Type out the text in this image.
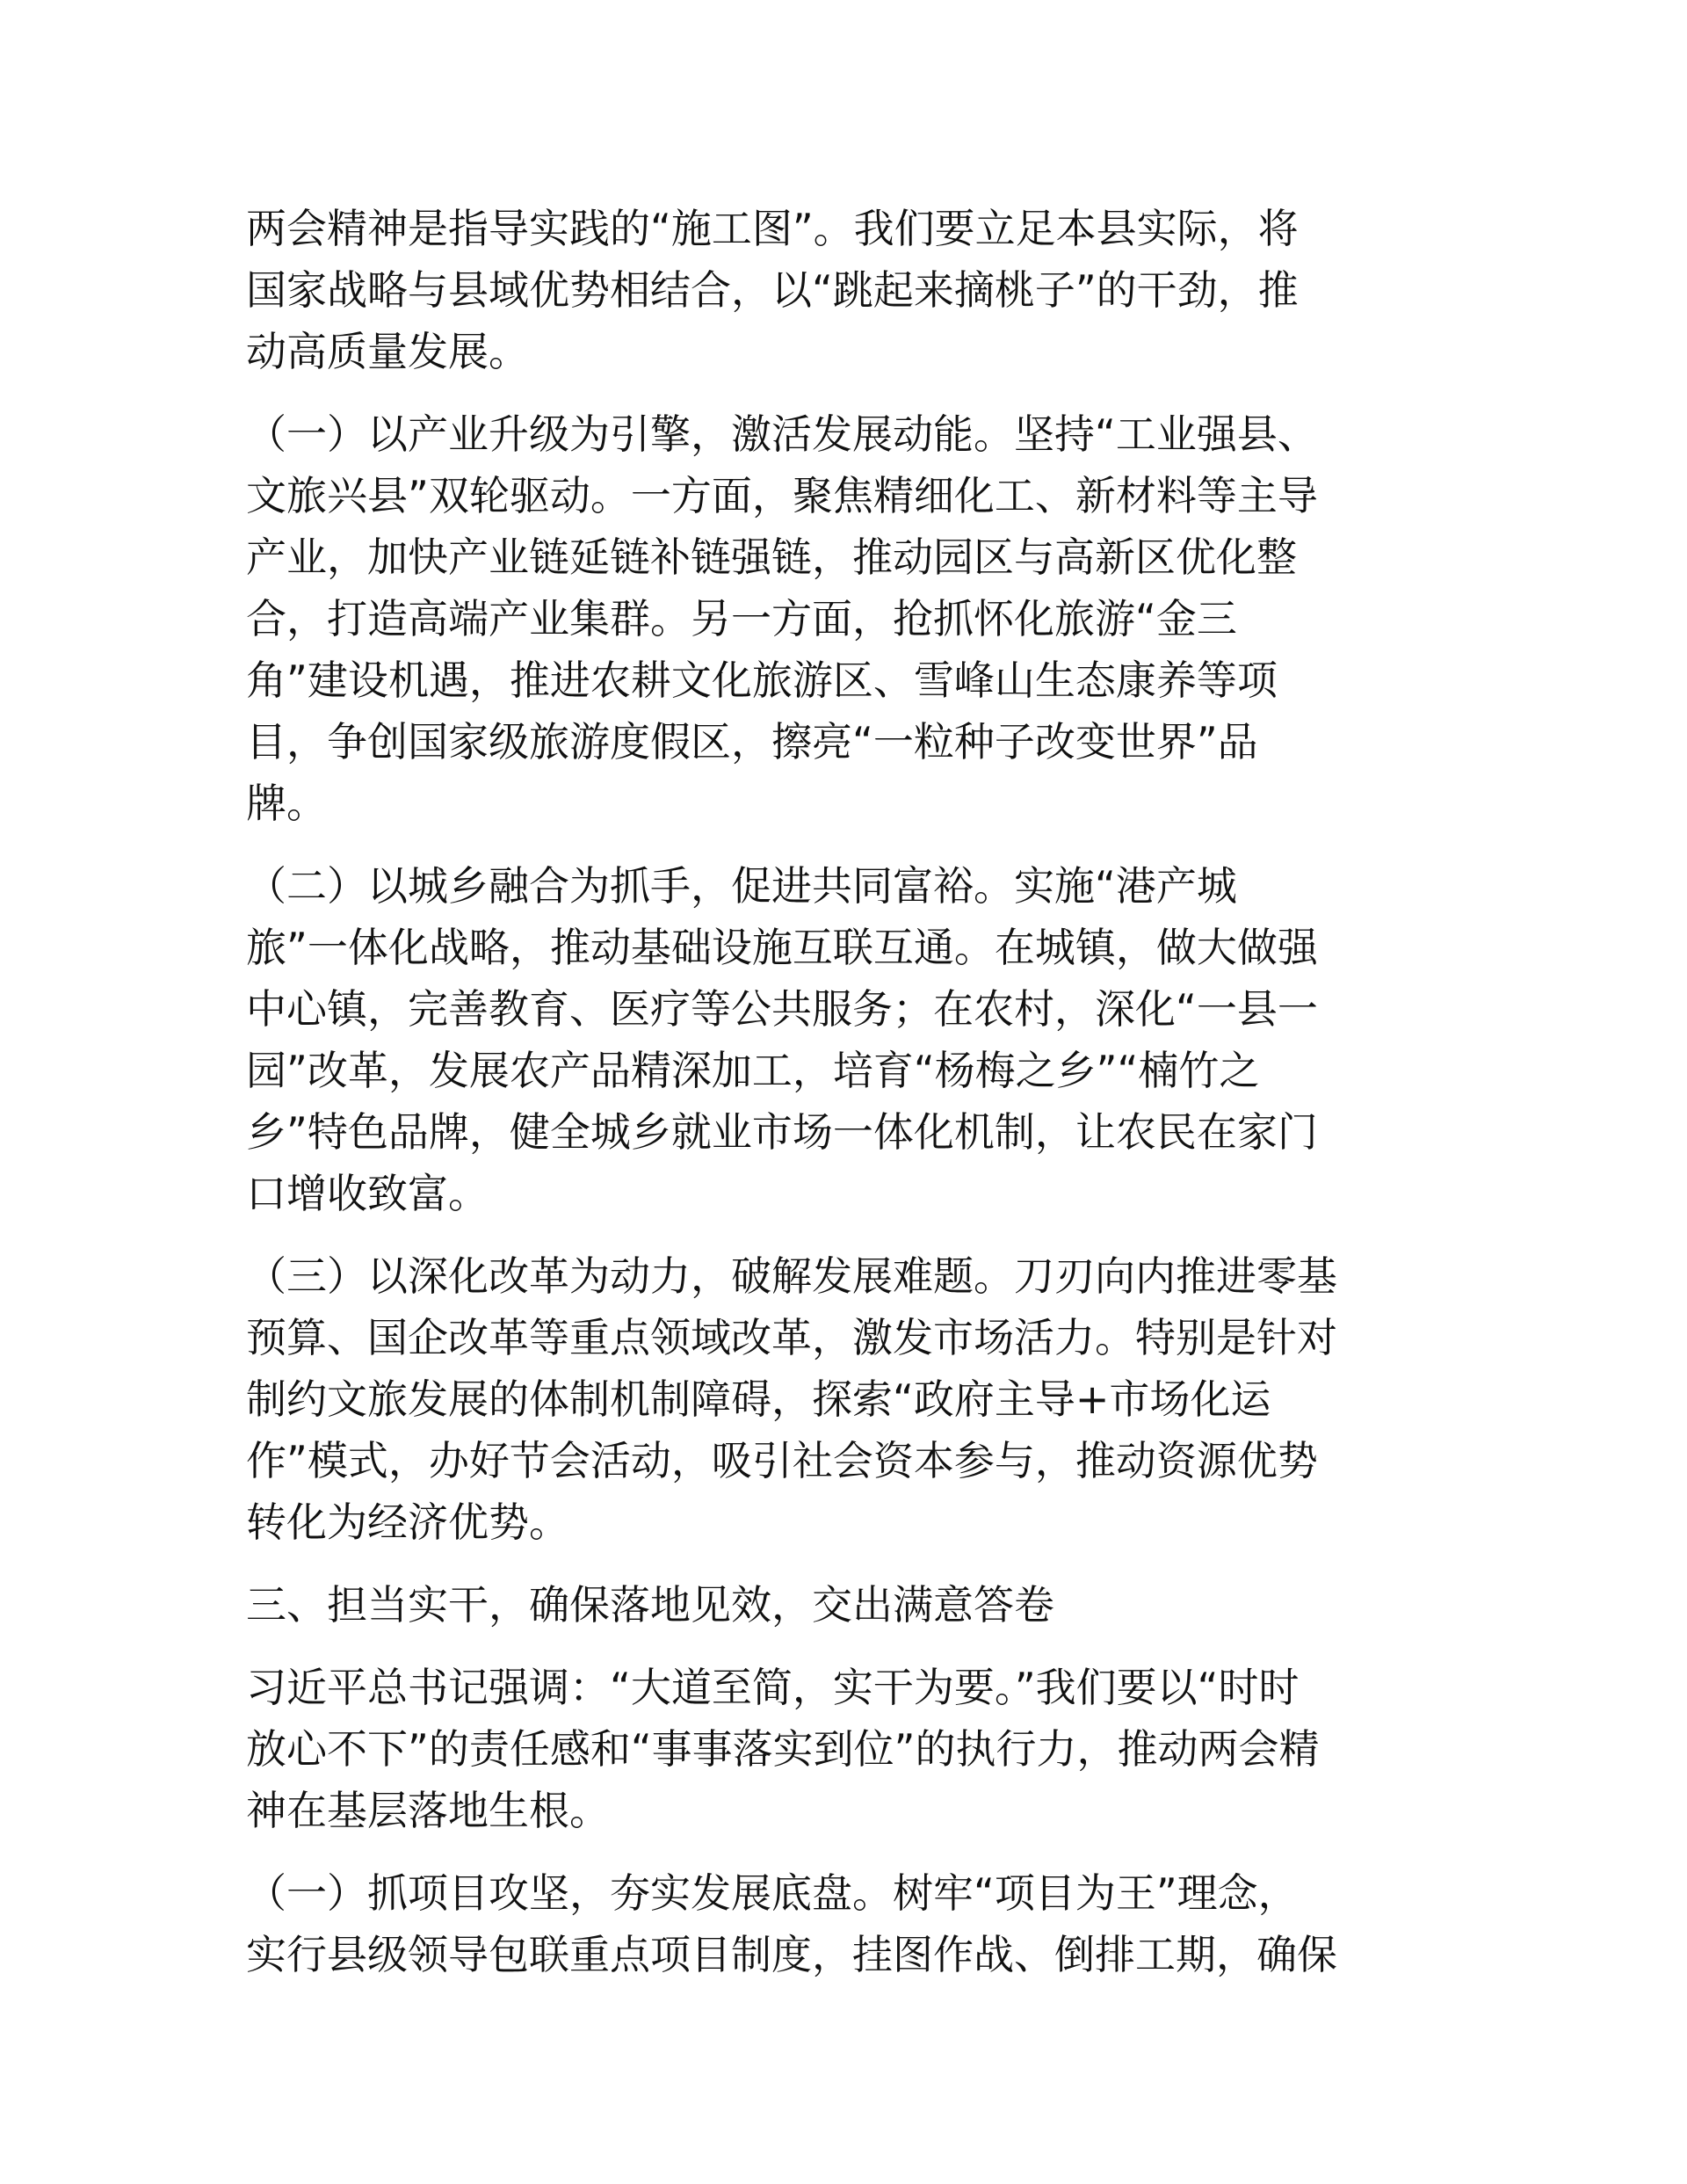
两会精神是指导实践的“施工图”。我们要立足本县实际，将
国家战略与县域优势相结合，以“跳起来摘桃子”的干劲，推
动高质量发展。
（一）以产业升级为引擎，激活发展动能。坚持“工业强县、
文旅兴县”双轮驱动。一方面，聚焦精细化工、新材料等主导
产业，加快产业链延链补链强链，推动园区与高新区优化整
合，打造高端产业集群。另一方面，抢抓怀化旅游“金三
角”建设机遇，推进农耕文化旅游区、雪峰山生态康养等项
目，争创国家级旅游度假区，擦亮“一粒种子改变世界”品
牌。
（二）以城乡融合为抓手，促进共同富裕。实施“港产城
旅”一体化战略，推动基础设施互联互通。在城镇，做大做强
中心镇，完善教育、医疗等公共服务；在农村，深化“一县一
园”改革，发展农产品精深加工，培育“杨梅之乡”“楠竹之
乡”特色品牌，健全城乡就业市场一体化机制，让农民在家门
口增收致富。
（三）以深化改革为动力，破解发展难题。刀刃向内推进零基
预算、国企改革等重点领域改革，激发市场活力。特别是针对
制约文旅发展的体制机制障碍，探索“政府主导+市场化运
作”模式，办好节会活动，吸引社会资本参与，推动资源优势
转化为经济优势。
三、担当实干，确保落地见效，交出满意答卷
习近平总书记强调：“大道至简，实干为要。”我们要以“时时
放心不下”的责任感和“事事落实到位”的执行力，推动两会精
神在基层落地生根。
（一）抓项目攻坚，夯实发展底盘。树牢“项目为王”理念，
实行县级领导包联重点项目制度，挂图作战、倒排工期，确保
